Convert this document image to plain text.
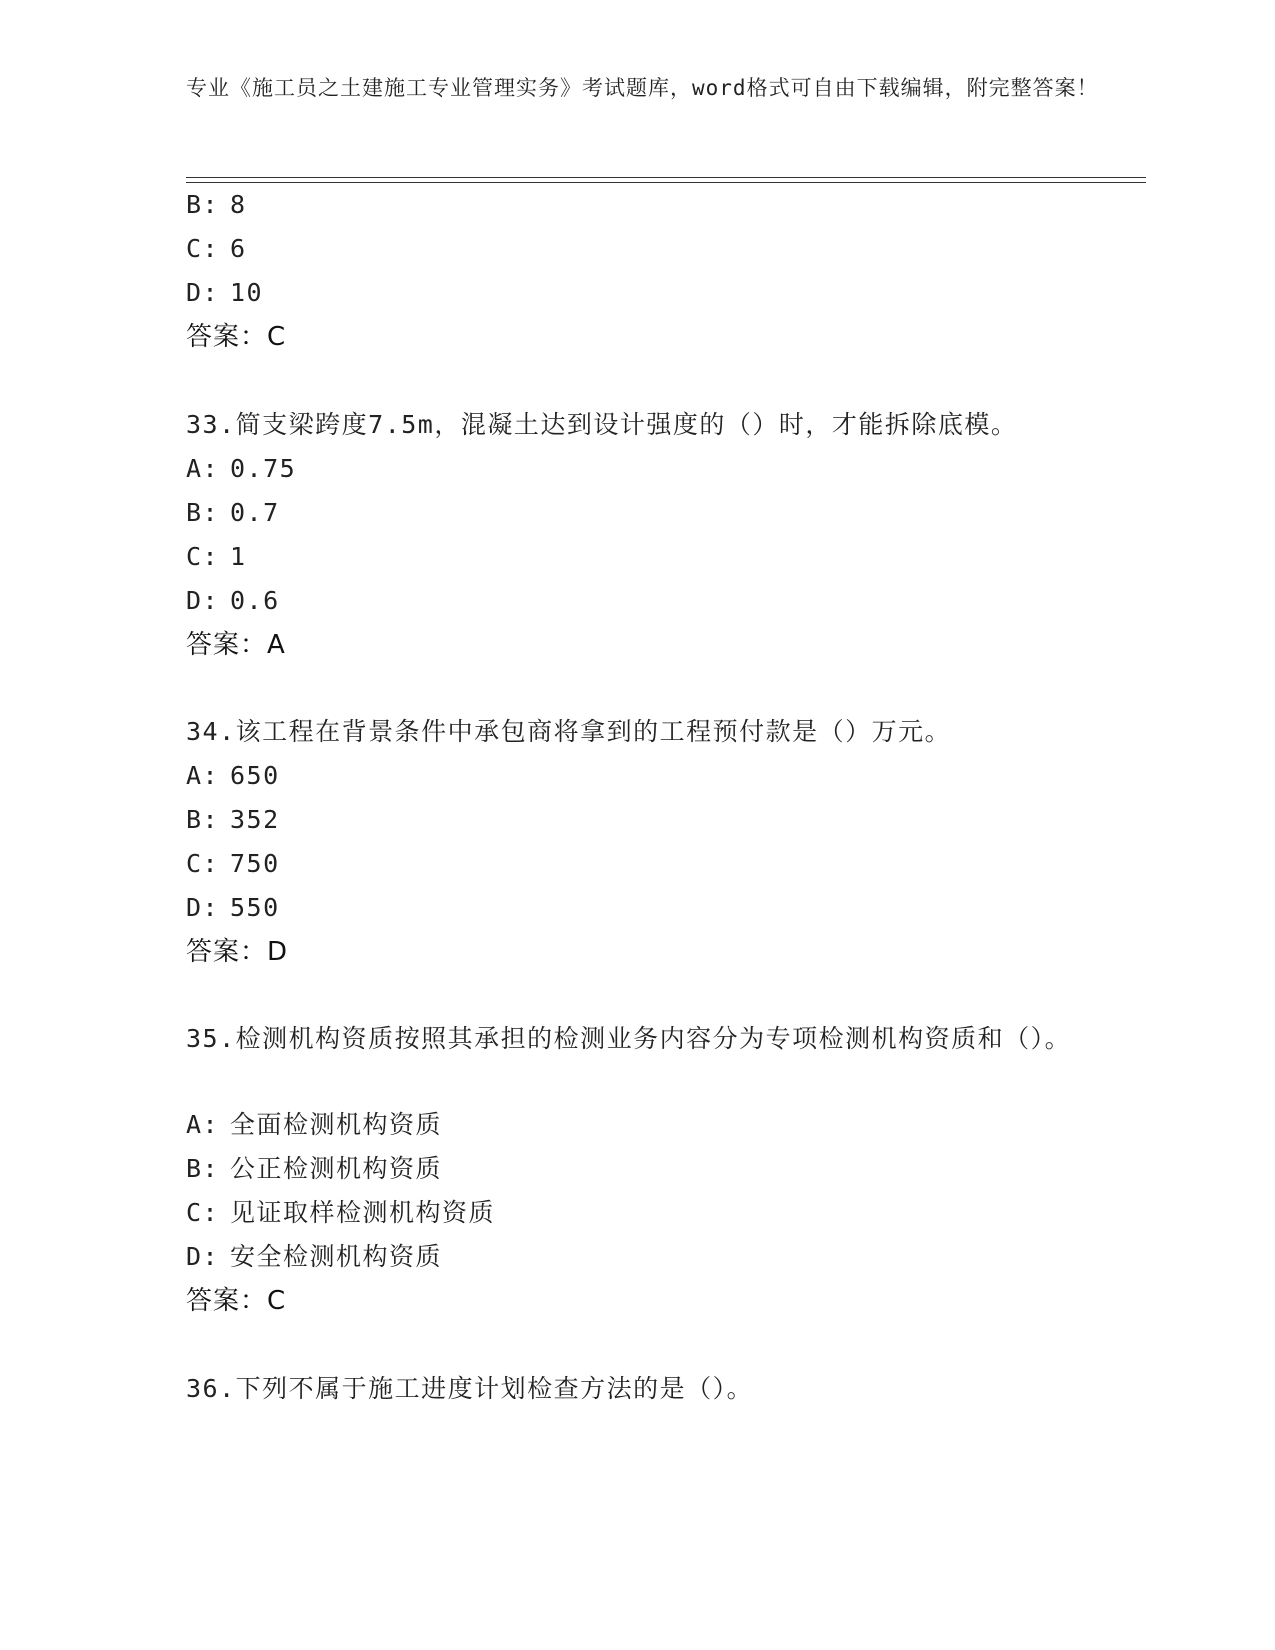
专业《施工员之土建施工专业管理实务》考试题库，word格式可自由下载编辑，附完整答案！
B: 8
C: 6
D: 10
答案：C
33.简支梁跨度7.5m，混凝土达到设计强度的（）时，才能拆除底模。
A: 0.75
B: 0.7
C: 1
D: 0.6
答案：A
34.该工程在背景条件中承包商将拿到的工程预付款是（）万元。
A: 650
B: 352
C: 750
D: 550
答案：D
35.检测机构资质按照其承担的检测业务内容分为专项检测机构资质和（）。
A: 全面检测机构资质
B: 公正检测机构资质
C: 见证取样检测机构资质
D: 安全检测机构资质
答案：C
36.下列不属于施工进度计划检查方法的是（）。
